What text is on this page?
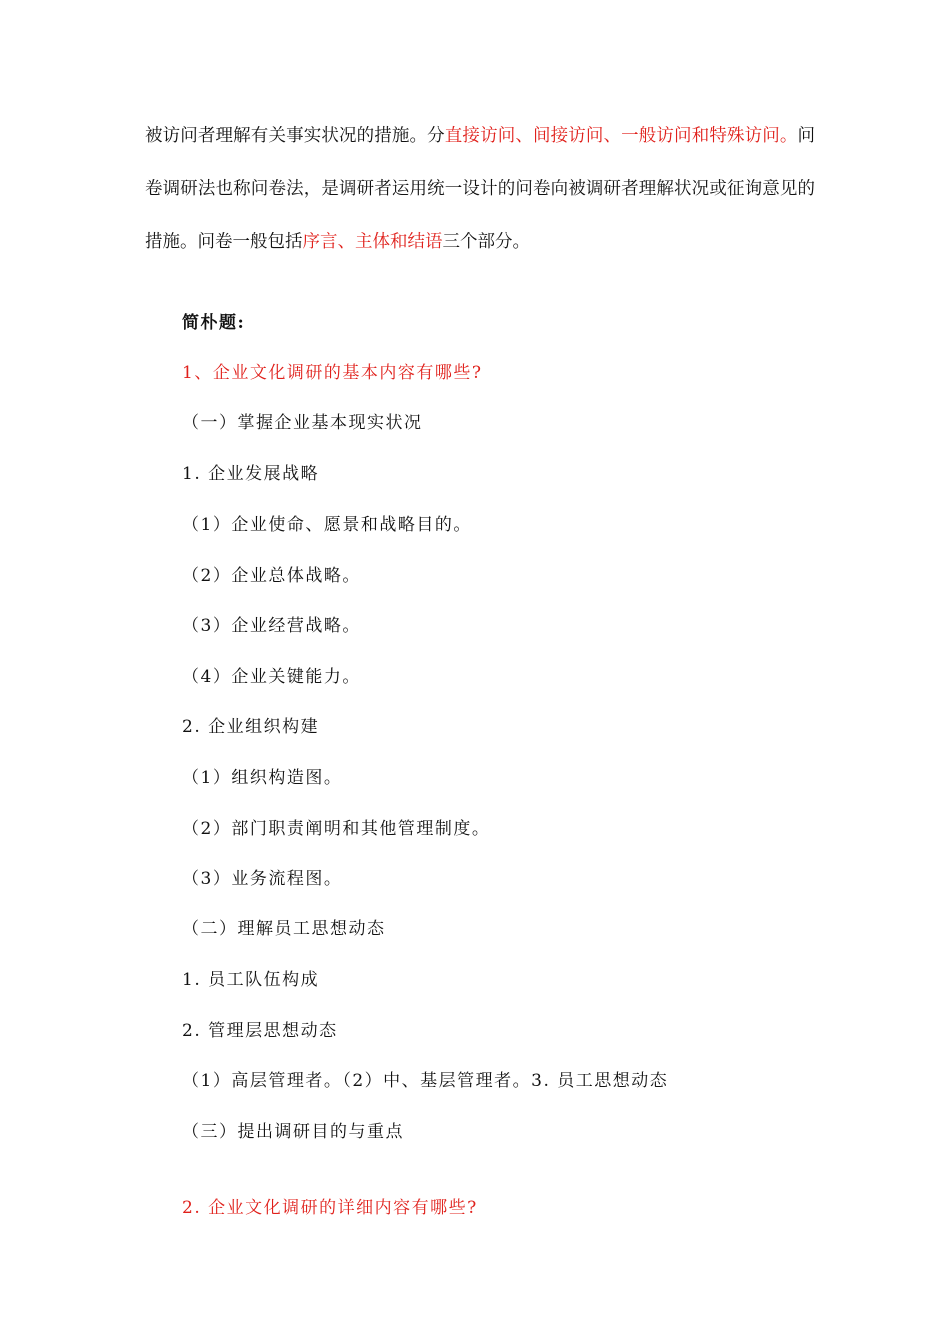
被访问者理解有关事实状况的措施。分直接访问、间接访问、一般访问和特殊访问。问卷调研法也称问卷法，是调研者运用统一设计的问卷向被调研者理解状况或征询意见的措施。问卷一般包括序言、主体和结语三个部分。
简朴题:
1、企业文化调研的基本内容有哪些?
（一）掌握企业基本现实状况
1. 企业发展战略
（1）企业使命、愿景和战略目的。
（2）企业总体战略。
（3）企业经营战略。
（4）企业关键能力。
2. 企业组织构建
（1）组织构造图。
（2）部门职责阐明和其他管理制度。
（3）业务流程图。
（二）理解员工思想动态
1. 员工队伍构成
2. 管理层思想动态
（1）高层管理者。（2）中、基层管理者。3. 员工思想动态
（三）提出调研目的与重点
2. 企业文化调研的详细内容有哪些?
